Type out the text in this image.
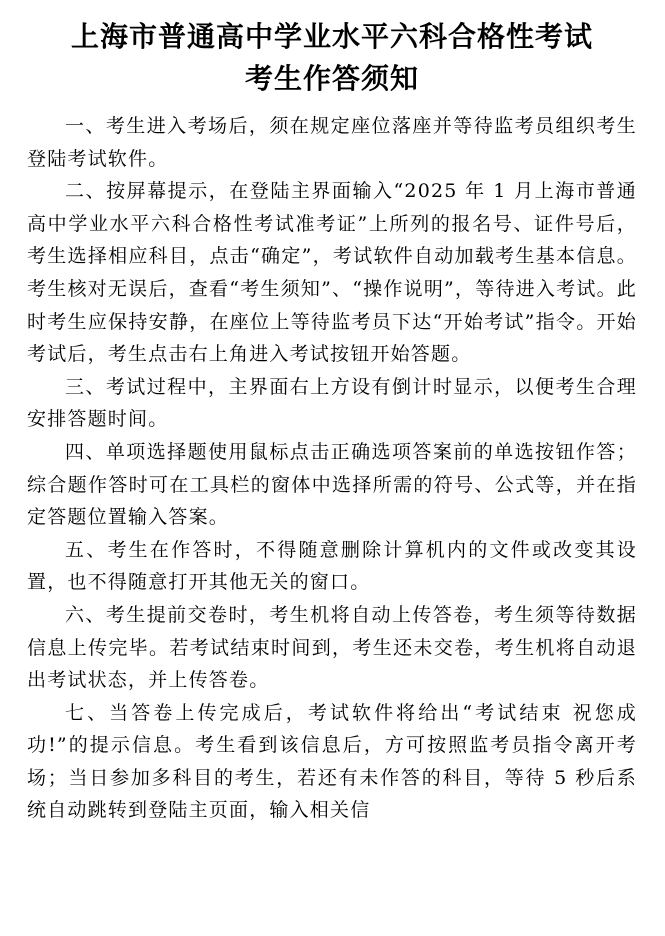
上海市普通高中学业水平六科合格性考试
考生作答须知

一、考生进入考场后，须在规定座位落座并等待监考员组织考生登陆考试软件。

二、按屏幕提示，在登陆主界面输入“2025 年 1 月上海市普通高中学业水平六科合格性考试准考证”上所列的报名号、证件号后，考生选择相应科目，点击“确定”，考试软件自动加载考生基本信息。考生核对无误后，查看“考生须知”、“操作说明”，等待进入考试。此时考生应保持安静，在座位上等待监考员下达“开始考试”指令。开始考试后，考生点击右上角进入考试按钮开始答题。

三、考试过程中，主界面右上方设有倒计时显示，以便考生合理安排答题时间。

四、单项选择题使用鼠标点击正确选项答案前的单选按钮作答；综合题作答时可在工具栏的窗体中选择所需的符号、公式等，并在指定答题位置输入答案。

五、考生在作答时，不得随意删除计算机内的文件或改变其设置，也不得随意打开其他无关的窗口。

六、考生提前交卷时，考生机将自动上传答卷，考生须等待数据信息上传完毕。若考试结束时间到，考生还未交卷，考生机将自动退出考试状态，并上传答卷。

七、当答卷上传完成后，考试软件将给出“考试结束 祝您成功!”的提示信息。考生看到该信息后，方可按照监考员指令离开考场；当日参加多科目的考生，若还有未作答的科目，等待 5 秒后系统自动跳转到登陆主页面，输入相关信
